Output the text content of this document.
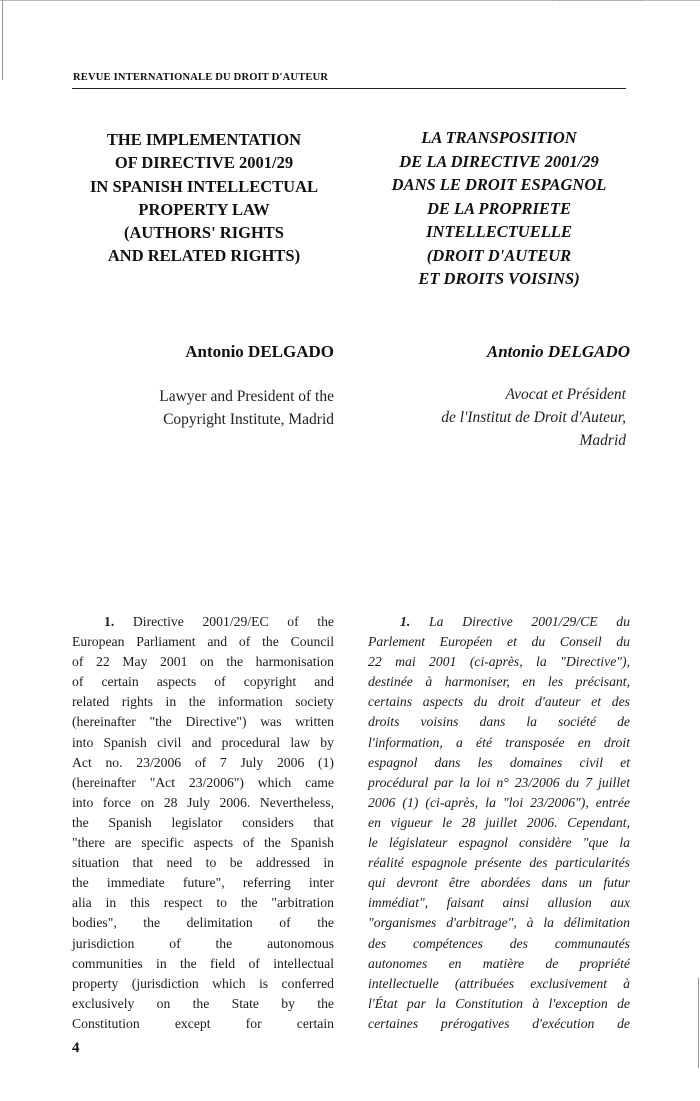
REVUE INTERNATIONALE DU DROIT D'AUTEUR
THE IMPLEMENTATION
OF DIRECTIVE 2001/29
IN SPANISH INTELLECTUAL
PROPERTY LAW
(AUTHORS' RIGHTS
AND RELATED RIGHTS)
LA TRANSPOSITION
DE LA DIRECTIVE 2001/29
DANS LE DROIT ESPAGNOL
DE LA PROPRIETE
INTELLECTUELLE
(DROIT D'AUTEUR
ET DROITS VOISINS)
Antonio DELGADO	Antonio DELGADO
Lawyer and President of the
Copyright Institute, Madrid
Avocat et Président
de l'Institut de Droit d'Auteur,
Madrid
1. Directive 2001/29/EC of the
European Parliament and of the Council
of 22 May 2001 on the harmonisation
of certain aspects of copyright and
related rights in the information society
(hereinafter "the Directive") was written
into Spanish civil and procedural law by
Act no. 23/2006 of 7 July 2006 (1)
(hereinafter "Act 23/2006") which came
into force on 28 July 2006. Nevertheless,
the Spanish legislator considers that
"there are specific aspects of the Spanish
situation that need to be addressed in
the immediate future", referring inter
alia in this respect to the "arbitration
bodies", the delimitation of the
jurisdiction of the autonomous
communities in the field of intellectual
property (jurisdiction which is conferred
exclusively on the State by the
Constitution except for certain
1. La Directive 2001/29/CE du
Parlement Européen et du Conseil du
22 mai 2001 (ci-après, la "Directive"),
destinée à harmoniser, en les précisant,
certains aspects du droit d'auteur et des
droits voisins dans la société de
l'information, a été transposée en droit
espagnol dans les domaines civil et
procédural par la loi n° 23/2006 du 7 juillet
2006 (1) (ci-après, la "loi 23/2006"), entrée
en vigueur le 28 juillet 2006. Cependant,
le législateur espagnol considère "que la
réalité espagnole présente des particularités
qui devront être abordées dans un futur
immédiat", faisant ainsi allusion aux
"organismes d'arbitrage", à la délimitation
des compétences des communautés
autonomes en matière de propriété
intellectuelle (attribuées exclusivement à
l'État par la Constitution à l'exception de
certaines prérogatives d'exécution de
4
